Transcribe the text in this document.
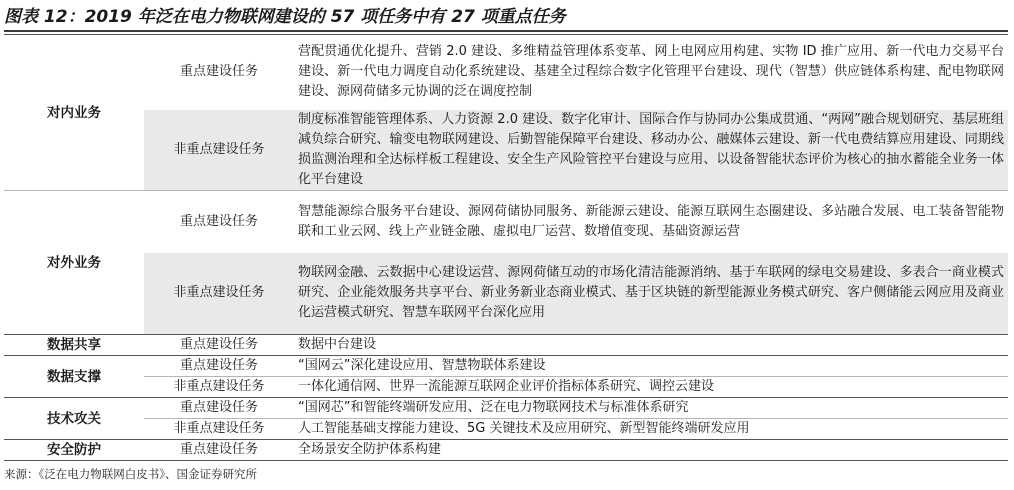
图表 12：2019 年泛在电力物联网建设的 57 项任务中有 27 项重点任务
对内业务	重点建设任务	营配贯通优化提升、营销 2.0 建设、多维精益管理体系变革、网上电网应用构建、实物 ID 推广应用、新一代电力交易平台建设、新一代电力调度自动化系统建设、基建全过程综合数字化管理平台建设、现代（智慧）供应链体系构建、配电物联网建设、源网荷储多元协调的泛在调度控制
	非重点建设任务	制度标准智能管理体系、人力资源 2.0 建设、数字化审计、国际合作与协同办公集成贯通、“两网”融合规划研究、基层班组减负综合研究、输变电物联网建设、后勤智能保障平台建设、移动办公、融媒体云建设、新一代电费结算应用建设、同期线损监测治理和全达标样板工程建设、安全生产风险管控平台建设与应用、以设备智能状态评价为核心的抽水蓄能全业务一体化平台建设
对外业务	重点建设任务	智慧能源综合服务平台建设、源网荷储协同服务、新能源云建设、能源互联网生态圈建设、多站融合发展、电工装备智能物联和工业云网、线上产业链金融、虚拟电厂运营、数增值变现、基础资源运营
	非重点建设任务	物联网金融、云数据中心建设运营、源网荷储互动的市场化清洁能源消纳、基于车联网的绿电交易建设、多表合一商业模式研究、企业能效服务共享平台、新业务新业态商业模式、基于区块链的新型能源业务模式研究、客户侧储能云网应用及商业化运营模式研究、智慧车联网平台深化应用
数据共享	重点建设任务	数据中台建设
数据支撑	重点建设任务	“国网云”深化建设应用、智慧物联体系建设
	非重点建设任务	一体化通信网、世界一流能源互联网企业评价指标体系研究、调控云建设
技术攻关	重点建设任务	“国网芯”和智能终端研发应用、泛在电力物联网技术与标准体系研究
	非重点建设任务	人工智能基础支撑能力建设、5G 关键技术及应用研究、新型智能终端研发应用
安全防护	重点建设任务	全场景安全防护体系构建
来源：《泛在电力物联网白皮书》、国金证券研究所
